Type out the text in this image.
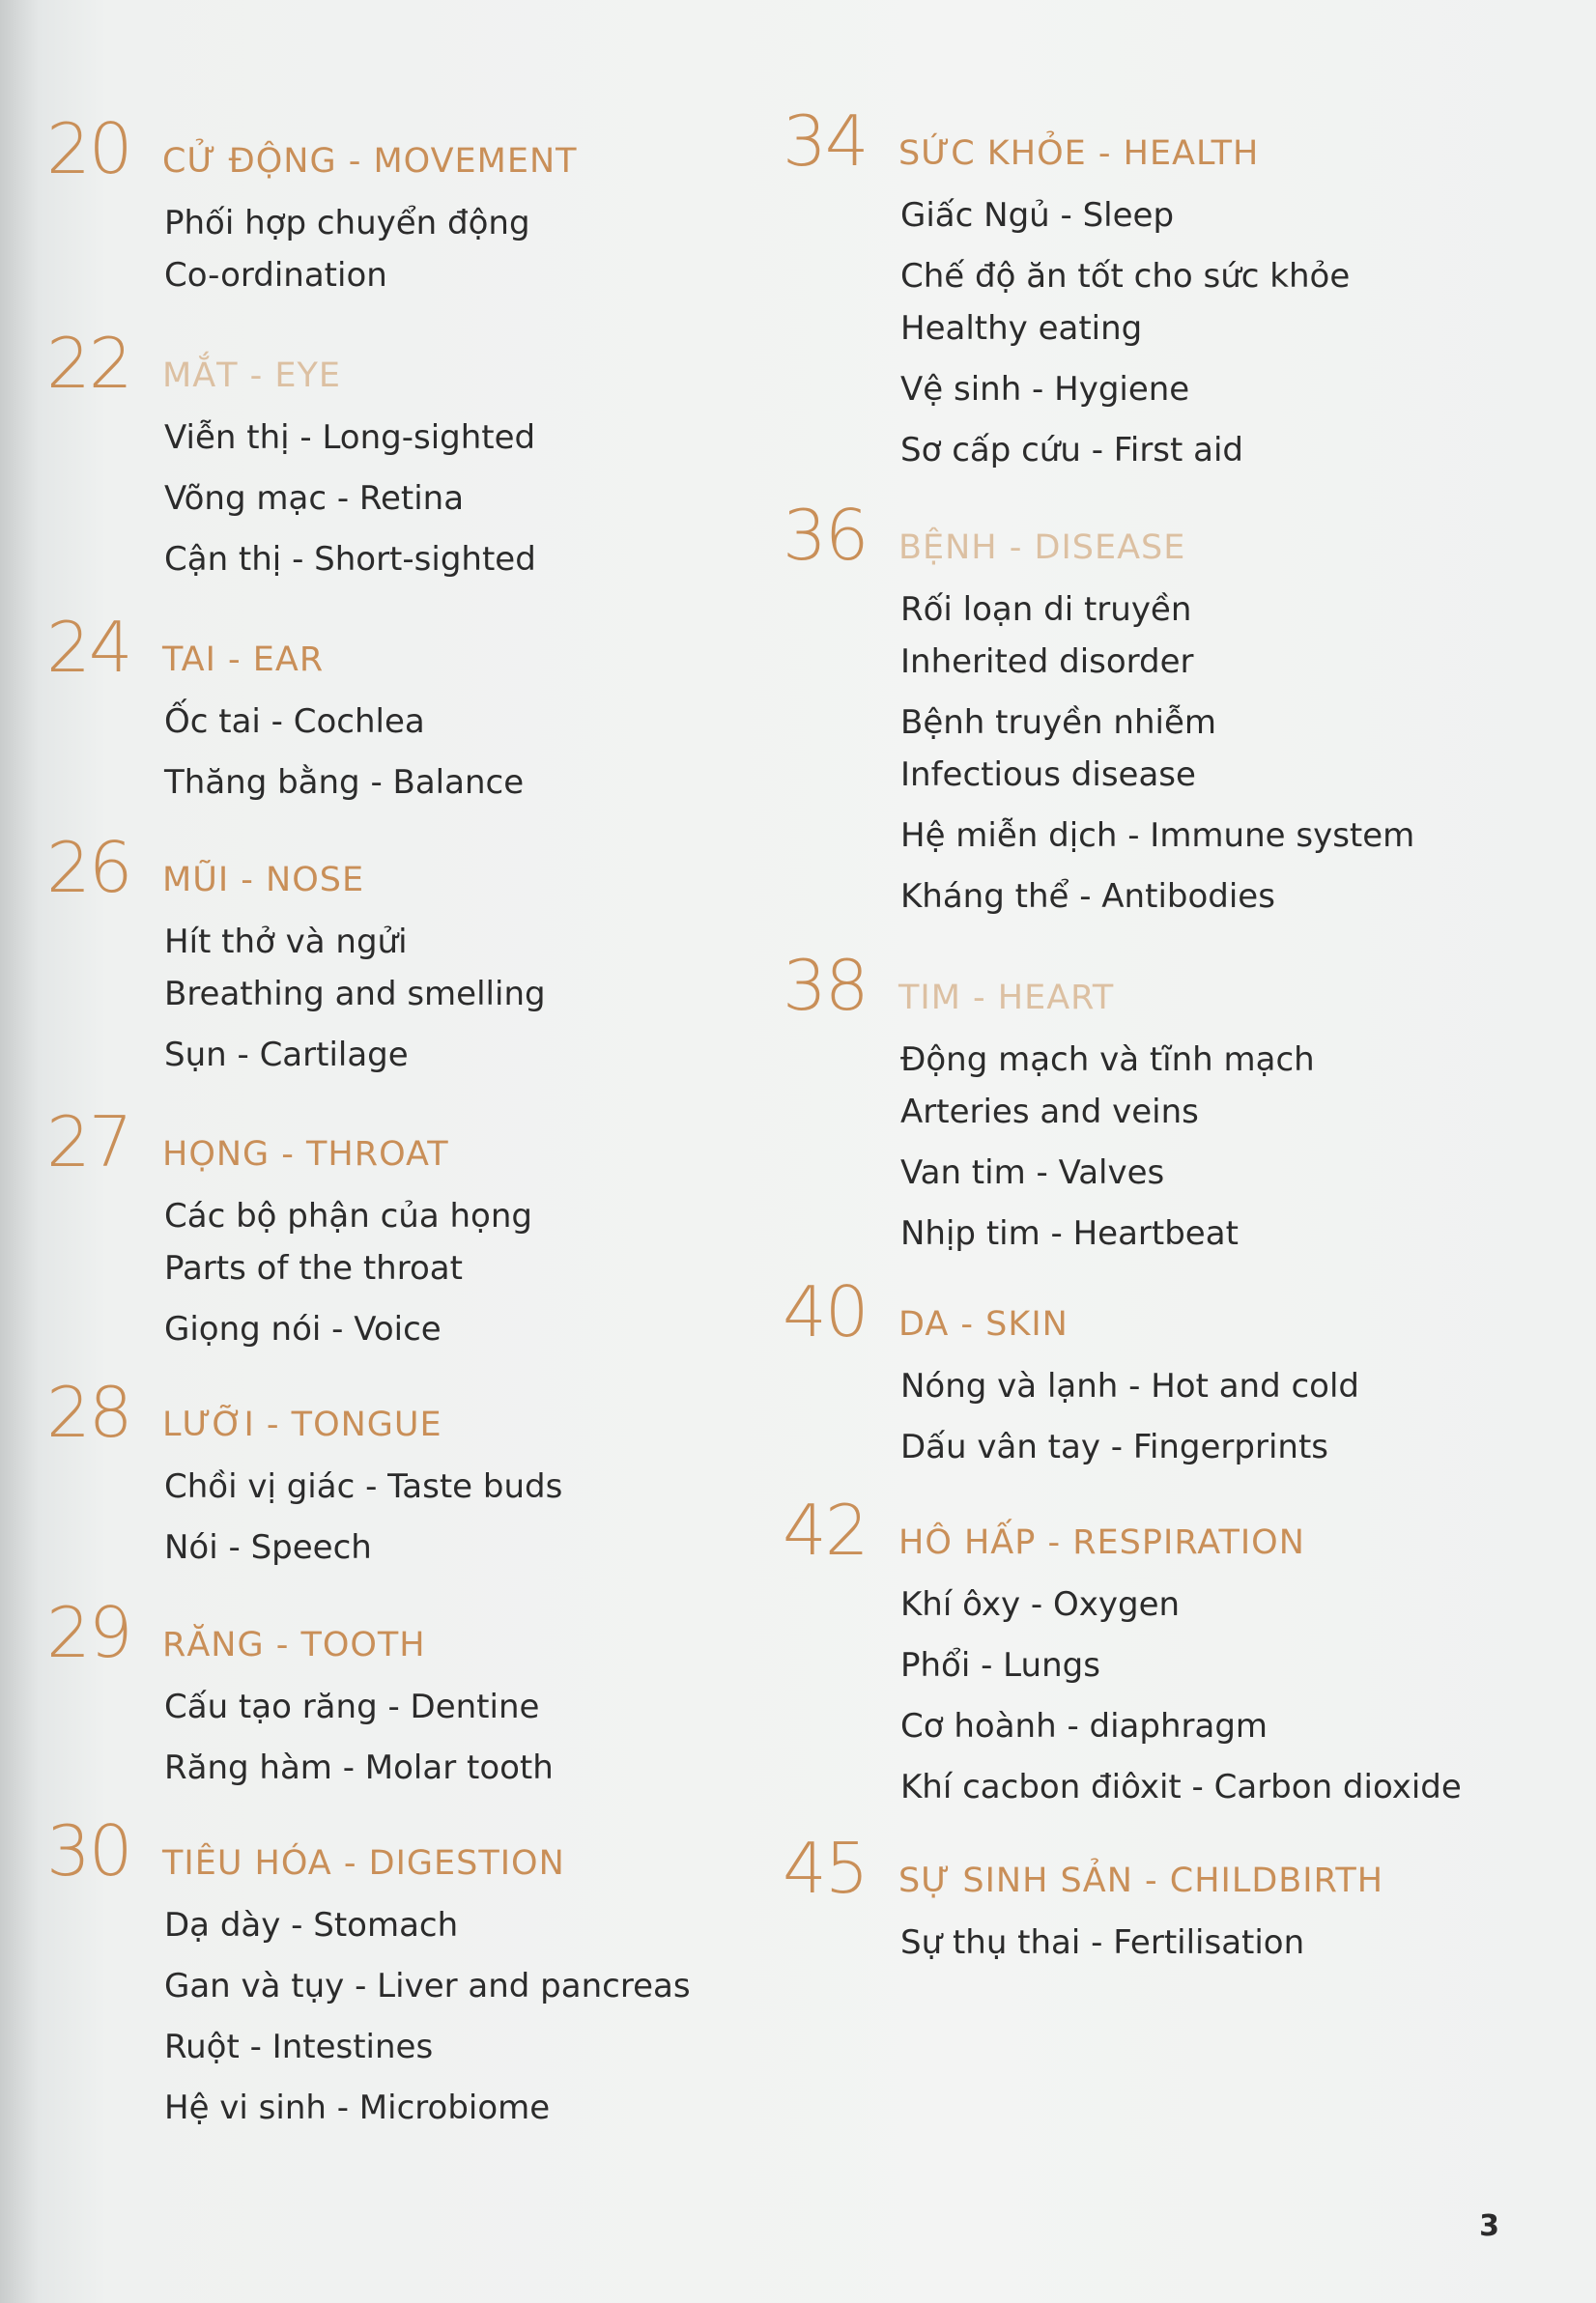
20 CỬ ĐỘNG - MOVEMENT
Phối hợp chuyển động
Co-ordination
22 MẮT - EYE
Viễn thị - Long-sighted
Võng mạc - Retina
Cận thị - Short-sighted
24 TAI - EAR
Ốc tai - Cochlea
Thăng bằng - Balance
26 MŨI - NOSE
Hít thở và ngửi
Breathing and smelling
Sụn - Cartilage
27 HỌNG - THROAT
Các bộ phận của họng
Parts of the throat
Giọng nói - Voice
28 LƯỠI - TONGUE
Chồi vị giác - Taste buds
Nói - Speech
29 RĂNG - TOOTH
Cấu tạo răng - Dentine
Răng hàm - Molar tooth
30 TIÊU HÓA - DIGESTION
Dạ dày - Stomach
Gan và tụy - Liver and pancreas
Ruột - Intestines
Hệ vi sinh - Microbiome
34 SỨC KHỎE - HEALTH
Giấc Ngủ - Sleep
Chế độ ăn tốt cho sức khỏe
Healthy eating
Vệ sinh - Hygiene
Sơ cấp cứu - First aid
36 BỆNH - DISEASE
Rối loạn di truyền
Inherited disorder
Bệnh truyền nhiễm
Infectious disease
Hệ miễn dịch - Immune system
Kháng thể - Antibodies
38 TIM - HEART
Động mạch và tĩnh mạch
Arteries and veins
Van tim - Valves
Nhịp tim - Heartbeat
40 DA - SKIN
Nóng và lạnh - Hot and cold
Dấu vân tay - Fingerprints
42 HÔ HẤP - RESPIRATION
Khí ôxy - Oxygen
Phổi - Lungs
Cơ hoành - diaphragm
Khí cacbon điôxit - Carbon dioxide
45 SỰ SINH SẢN - CHILDBIRTH
Sự thụ thai - Fertilisation
3
